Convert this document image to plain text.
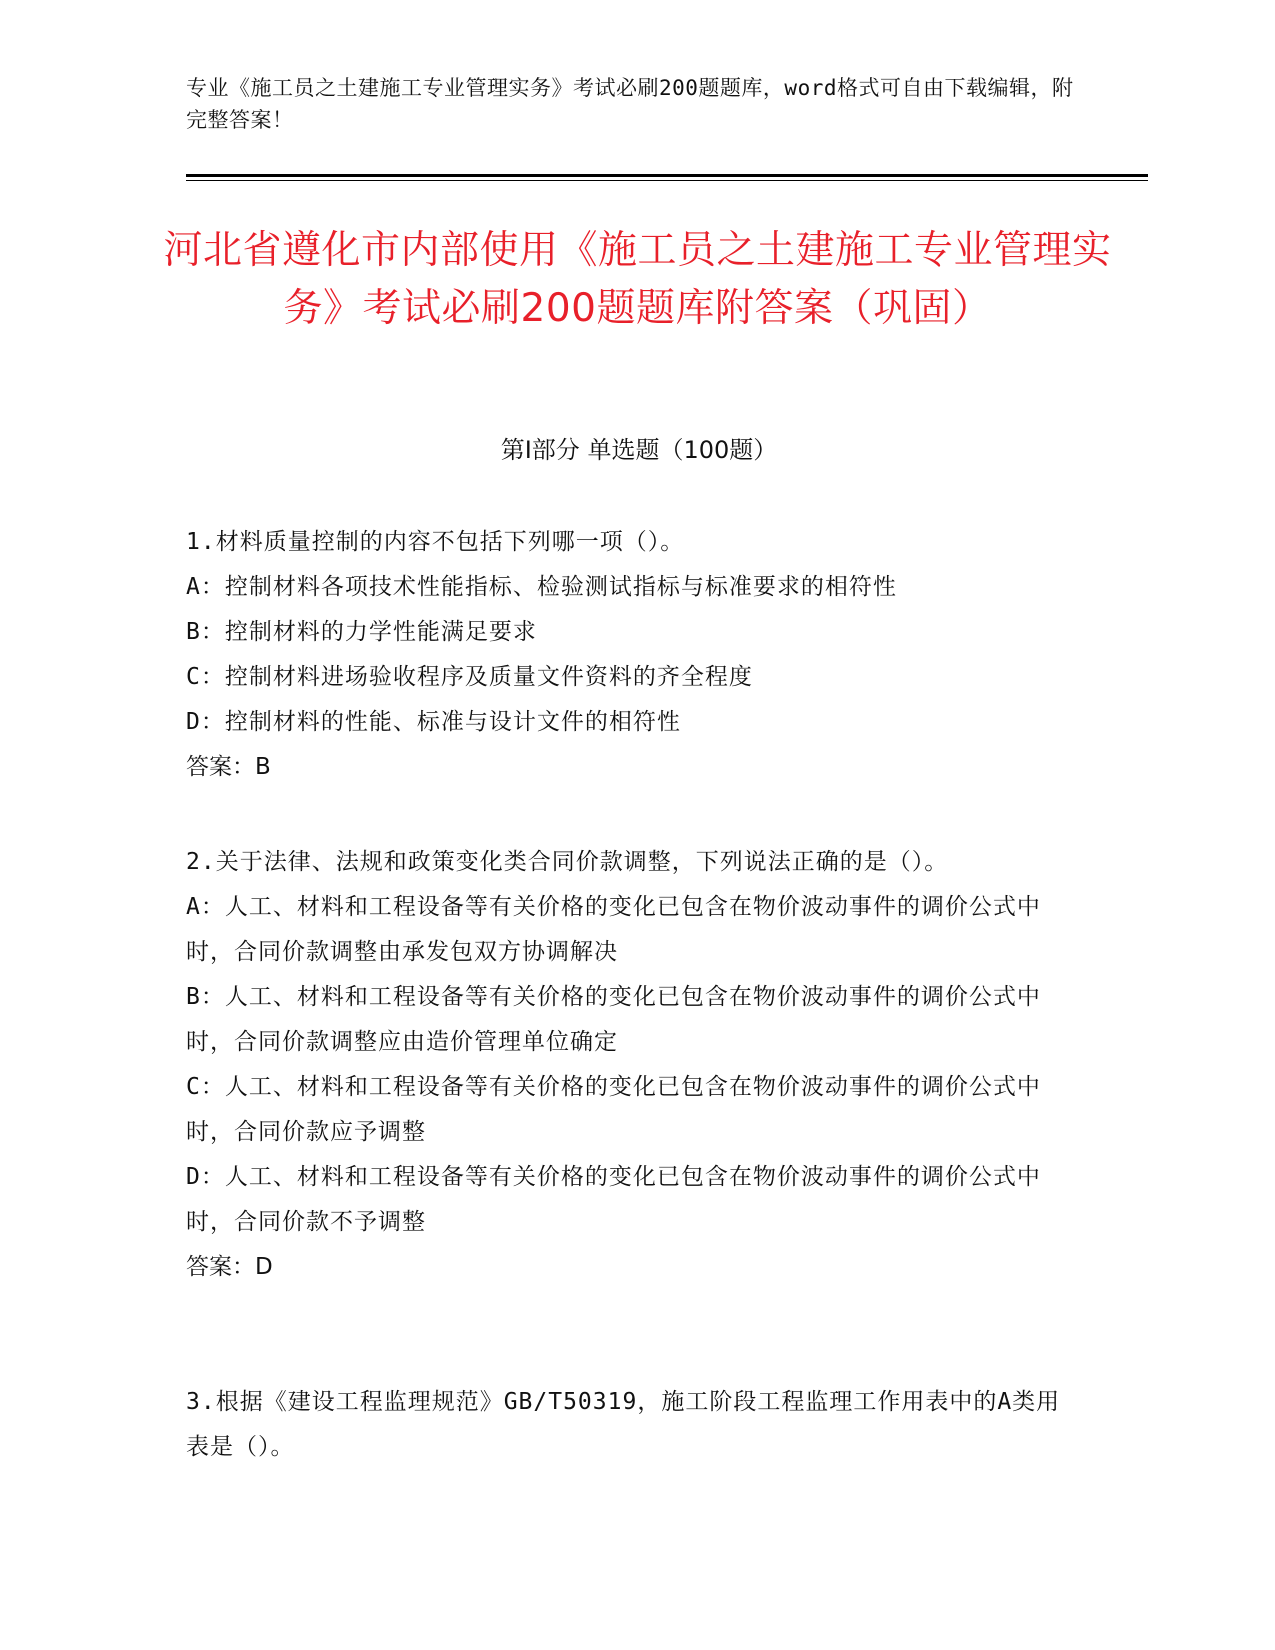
专业《施工员之土建施工专业管理实务》考试必刷200题题库，word格式可自由下载编辑，附完整答案！
河北省遵化市内部使用《施工员之土建施工专业管理实务》考试必刷200题题库附答案（巩固）
第Ⅰ部分 单选题（100题）

1.材料质量控制的内容不包括下列哪一项（）。

A：控制材料各项技术性能指标、检验测试指标与标准要求的相符性

B：控制材料的力学性能满足要求

C：控制材料进场验收程序及质量文件资料的齐全程度

D：控制材料的性能、标准与设计文件的相符性

答案：B

2.关于法律、法规和政策变化类合同价款调整，下列说法正确的是（）。

A：人工、材料和工程设备等有关价格的变化已包含在物价波动事件的调价公式中时，合同价款调整由承发包双方协调解决

B：人工、材料和工程设备等有关价格的变化已包含在物价波动事件的调价公式中时，合同价款调整应由造价管理单位确定

C：人工、材料和工程设备等有关价格的变化已包含在物价波动事件的调价公式中时，合同价款应予调整

D：人工、材料和工程设备等有关价格的变化已包含在物价波动事件的调价公式中时，合同价款不予调整

答案：D

3.根据《建设工程监理规范》GB/T50319，施工阶段工程监理工作用表中的A类用表是（）。
